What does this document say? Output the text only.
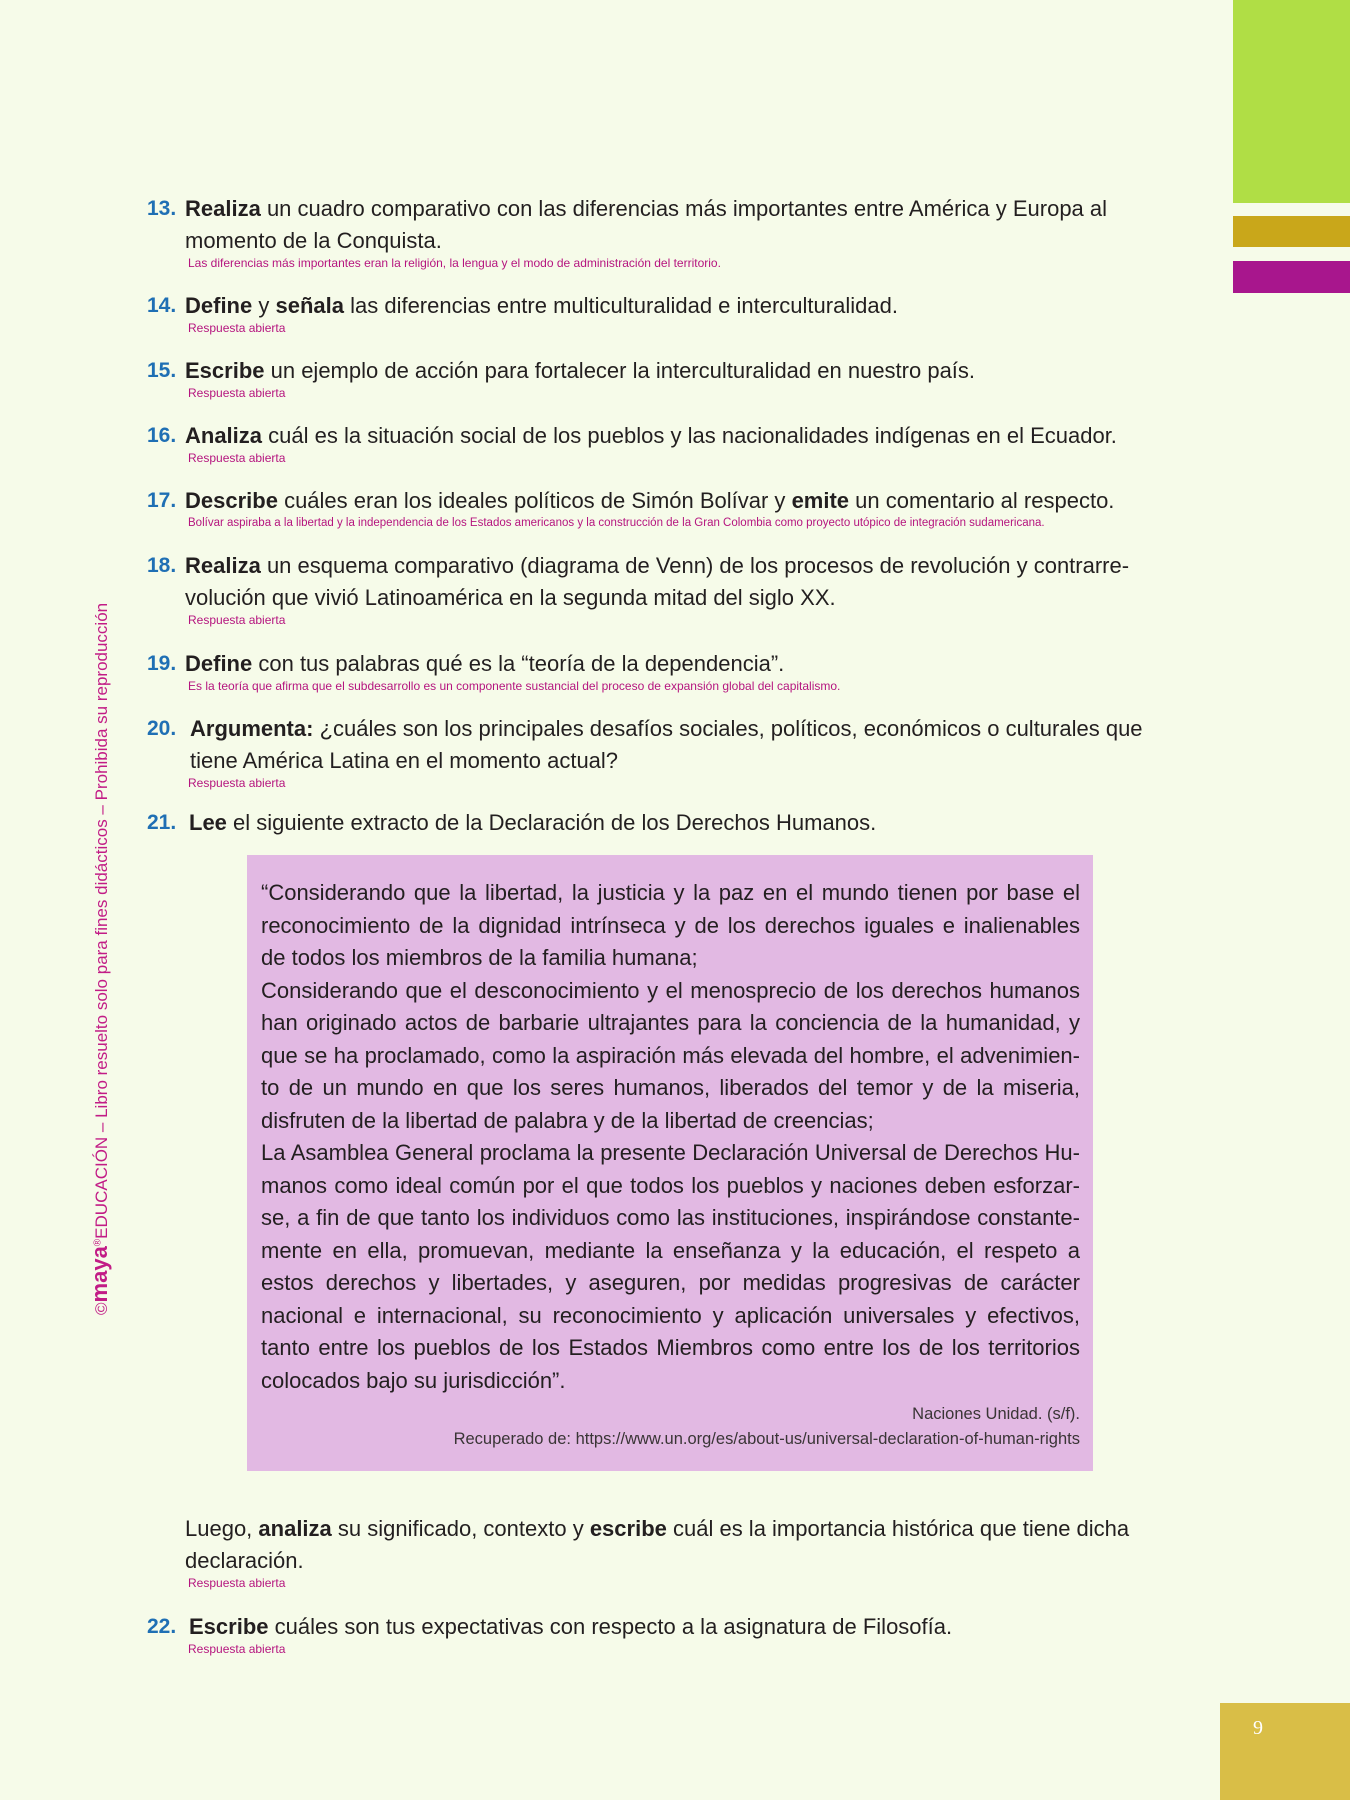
©maya®EDUCACIÓN – Libro resuelto solo para fines didácticos – Prohibida su reproducción
13. Realiza un cuadro comparativo con las diferencias más importantes entre América y Europa al momento de la Conquista.
Las diferencias más importantes eran la religión, la lengua y el modo de administración del territorio.
14. Define y señala las diferencias entre multiculturalidad e interculturalidad.
Respuesta abierta
15. Escribe un ejemplo de acción para fortalecer la interculturalidad en nuestro país.
Respuesta abierta
16. Analiza cuál es la situación social de los pueblos y las nacionalidades indígenas en el Ecuador.
Respuesta abierta
17. Describe cuáles eran los ideales políticos de Simón Bolívar y emite un comentario al respecto.
Bolívar aspiraba a la libertad y la independencia de los Estados americanos y la construcción de la Gran Colombia como proyecto utópico de integración sudamericana.
18. Realiza un esquema comparativo (diagrama de Venn) de los procesos de revolución y contrarre-volución que vivió Latinoamérica en la segunda mitad del siglo XX.
Respuesta abierta
19. Define con tus palabras qué es la “teoría de la dependencia”.
Es la teoría que afirma que el subdesarrollo es un componente sustancial del proceso de expansión global del capitalismo.
20. Argumenta: ¿cuáles son los principales desafíos sociales, políticos, económicos o culturales que tiene América Latina en el momento actual?
Respuesta abierta
21. Lee el siguiente extracto de la Declaración de los Derechos Humanos.

“Considerando que la libertad, la justicia y la paz en el mundo tienen por base el reconocimiento de la dignidad intrínseca y de los derechos iguales e inalienables de todos los miembros de la familia humana;

Considerando que el desconocimiento y el menosprecio de los derechos humanos han originado actos de barbarie ultrajantes para la conciencia de la humanidad, y que se ha proclamado, como la aspiración más elevada del hombre, el advenimien-to de un mundo en que los seres humanos, liberados del temor y de la miseria, disfruten de la libertad de palabra y de la libertad de creencias;

La Asamblea General proclama la presente Declaración Universal de Derechos Hu-manos como ideal común por el que todos los pueblos y naciones deben esforzar-se, a fin de que tanto los individuos como las instituciones, inspirándose constante-mente en ella, promuevan, mediante la enseñanza y la educación, el respeto a estos derechos y libertades, y aseguren, por medidas progresivas de carácter nacional e internacional, su reconocimiento y aplicación universales y efectivos, tanto entre los pueblos de los Estados Miembros como entre los de los territorios colocados bajo su jurisdicción”.

Naciones Unidad. (s/f).
Recuperado de: https://www.un.org/es/about-us/universal-declaration-of-human-rights
Luego, analiza su significado, contexto y escribe cuál es la importancia histórica que tiene dicha declaración.
Respuesta abierta
22. Escribe cuáles son tus expectativas con respecto a la asignatura de Filosofía.
Respuesta abierta
9
